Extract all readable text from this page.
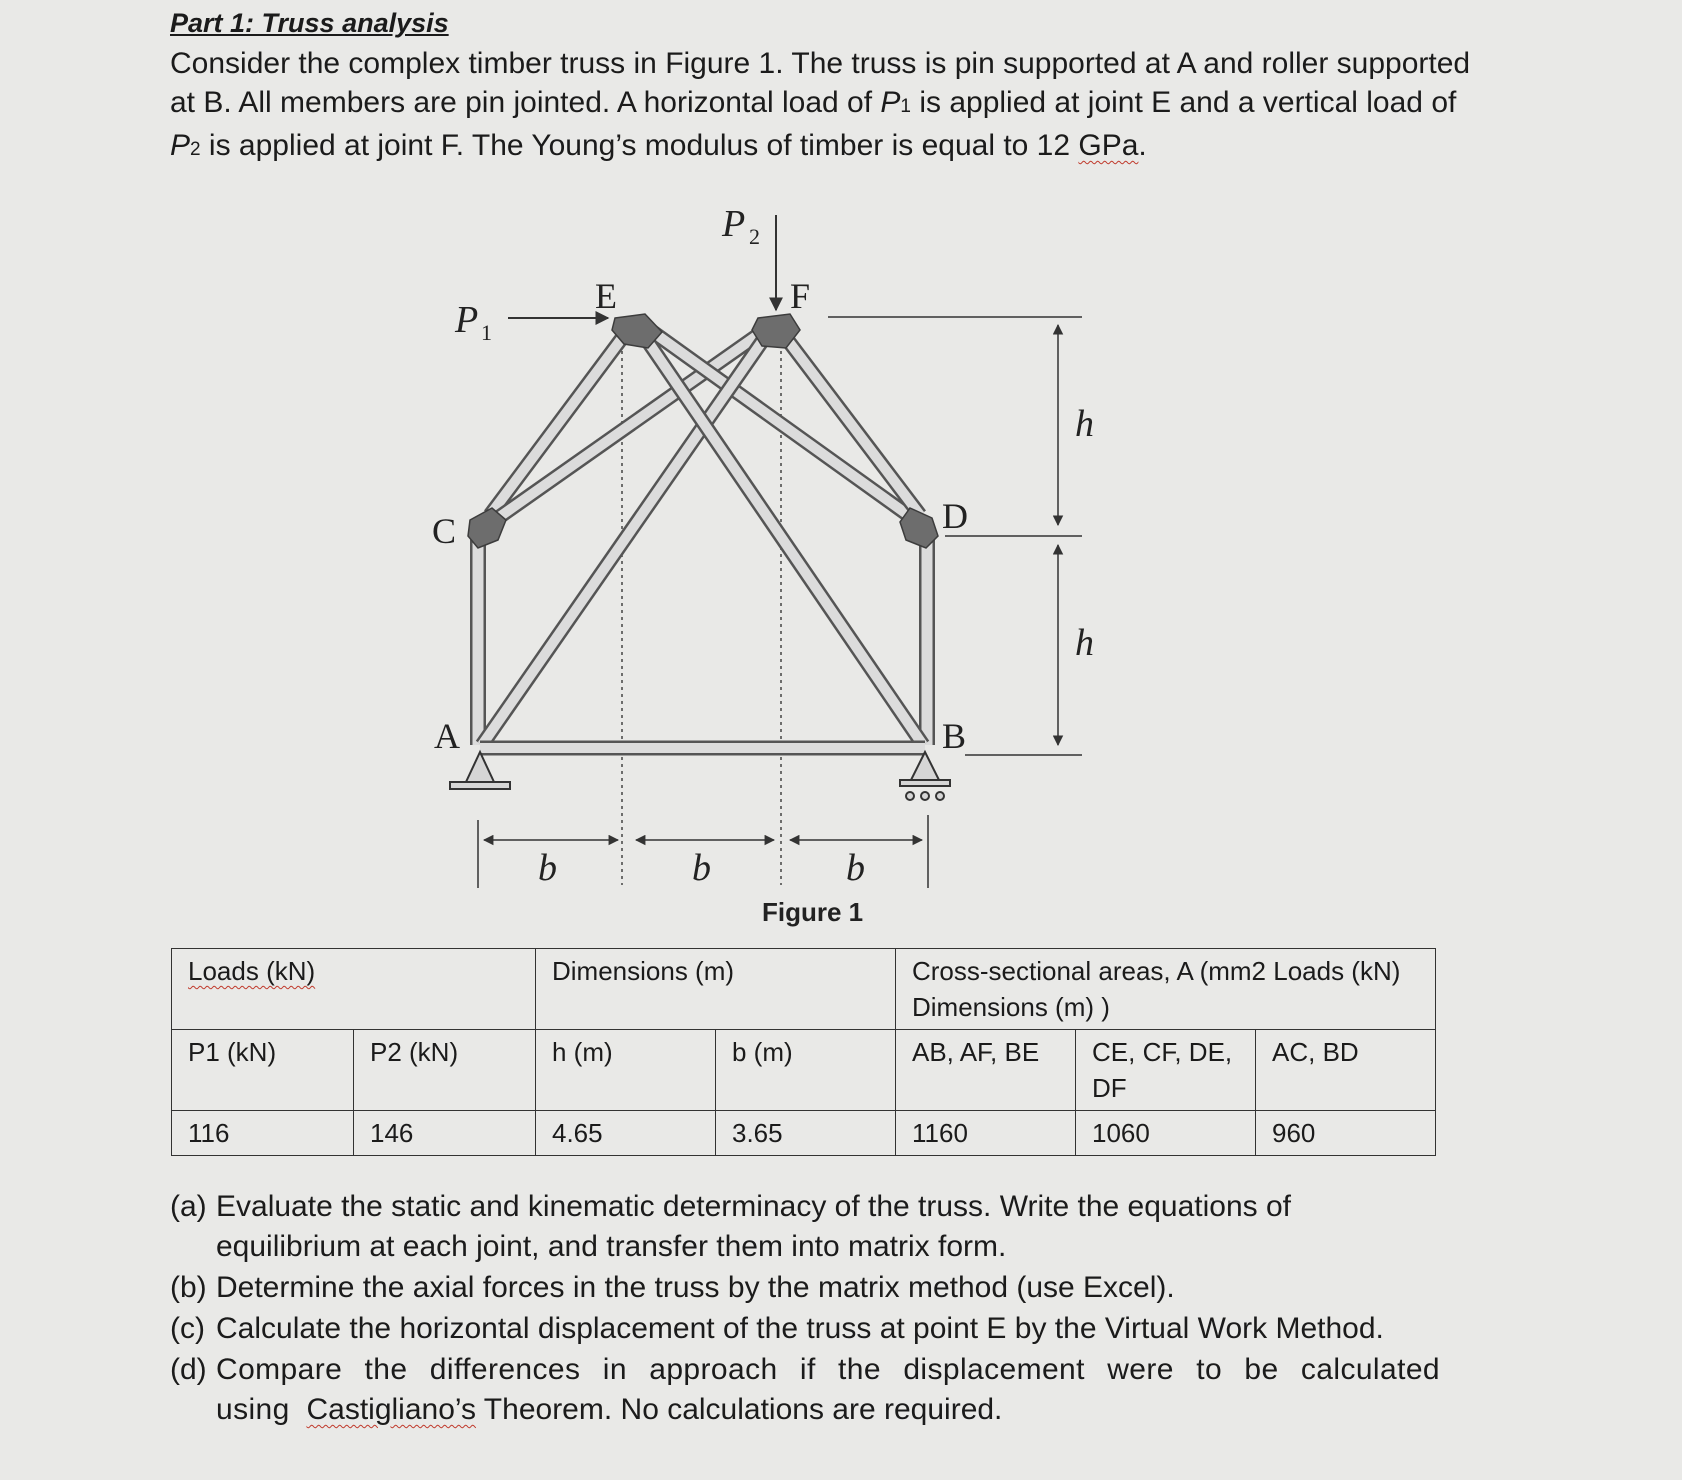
Part 1: Truss analysis

Consider the complex timber truss in Figure 1. The truss is pin supported at A and roller supported

at B. All members are pin jointed. A horizontal load of P1 is applied at joint E and a vertical load of

P2 is applied at joint F. The Young’s modulus of timber is equal to 12 GPa.

P 1
P 2
E	F
C	D
A	B
h
h
b	b	b
Figure 1
Loads (kN)		Dimensions (m)		Cross-sectional areas, A (mm2 Loads (kN) Dimensions (m) )		
P1 (kN)	P2 (kN)	h (m)	b (m)	AB, AF, BE	CE, CF, DE, DF	AC, BD
116	146	4.65	3.65	1160	1060	960
(a) Evaluate the static and kinematic determinacy of the truss. Write the equations of equilibrium at each joint, and transfer them into matrix form.
(b) Determine the axial forces in the truss by the matrix method (use Excel).
(c) Calculate the horizontal displacement of the truss at point E by the Virtual Work Method.
(d) Compare the differences in approach if the displacement were to be calculated using Castigliano’s Theorem. No calculations are required.
